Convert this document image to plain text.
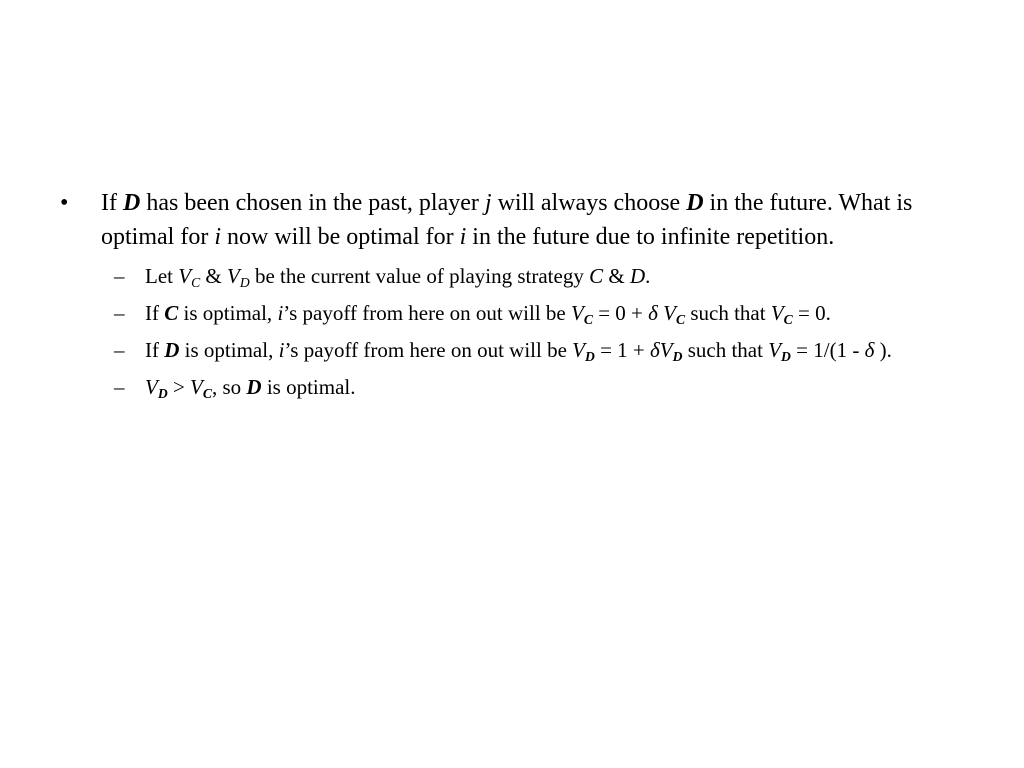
•	If D has been chosen in the past, player j will always choose D in the future. What is optimal for i now will be optimal for i in the future due to infinite repetition.
– Let $V_C$ & $V_D$ be the current value of playing strategy C & D.
– If C is optimal, i’s payoff from here on out will be $V_C = 0 + \delta$ $V_C$ such that $V_C = 0$.
– If D is optimal, i’s payoff from here on out will be $V_D = 1 + \delta V_D$ such that $V_D = 1/(1 - \delta$ ).
– $V_D > V_C$, so D is optimal.
